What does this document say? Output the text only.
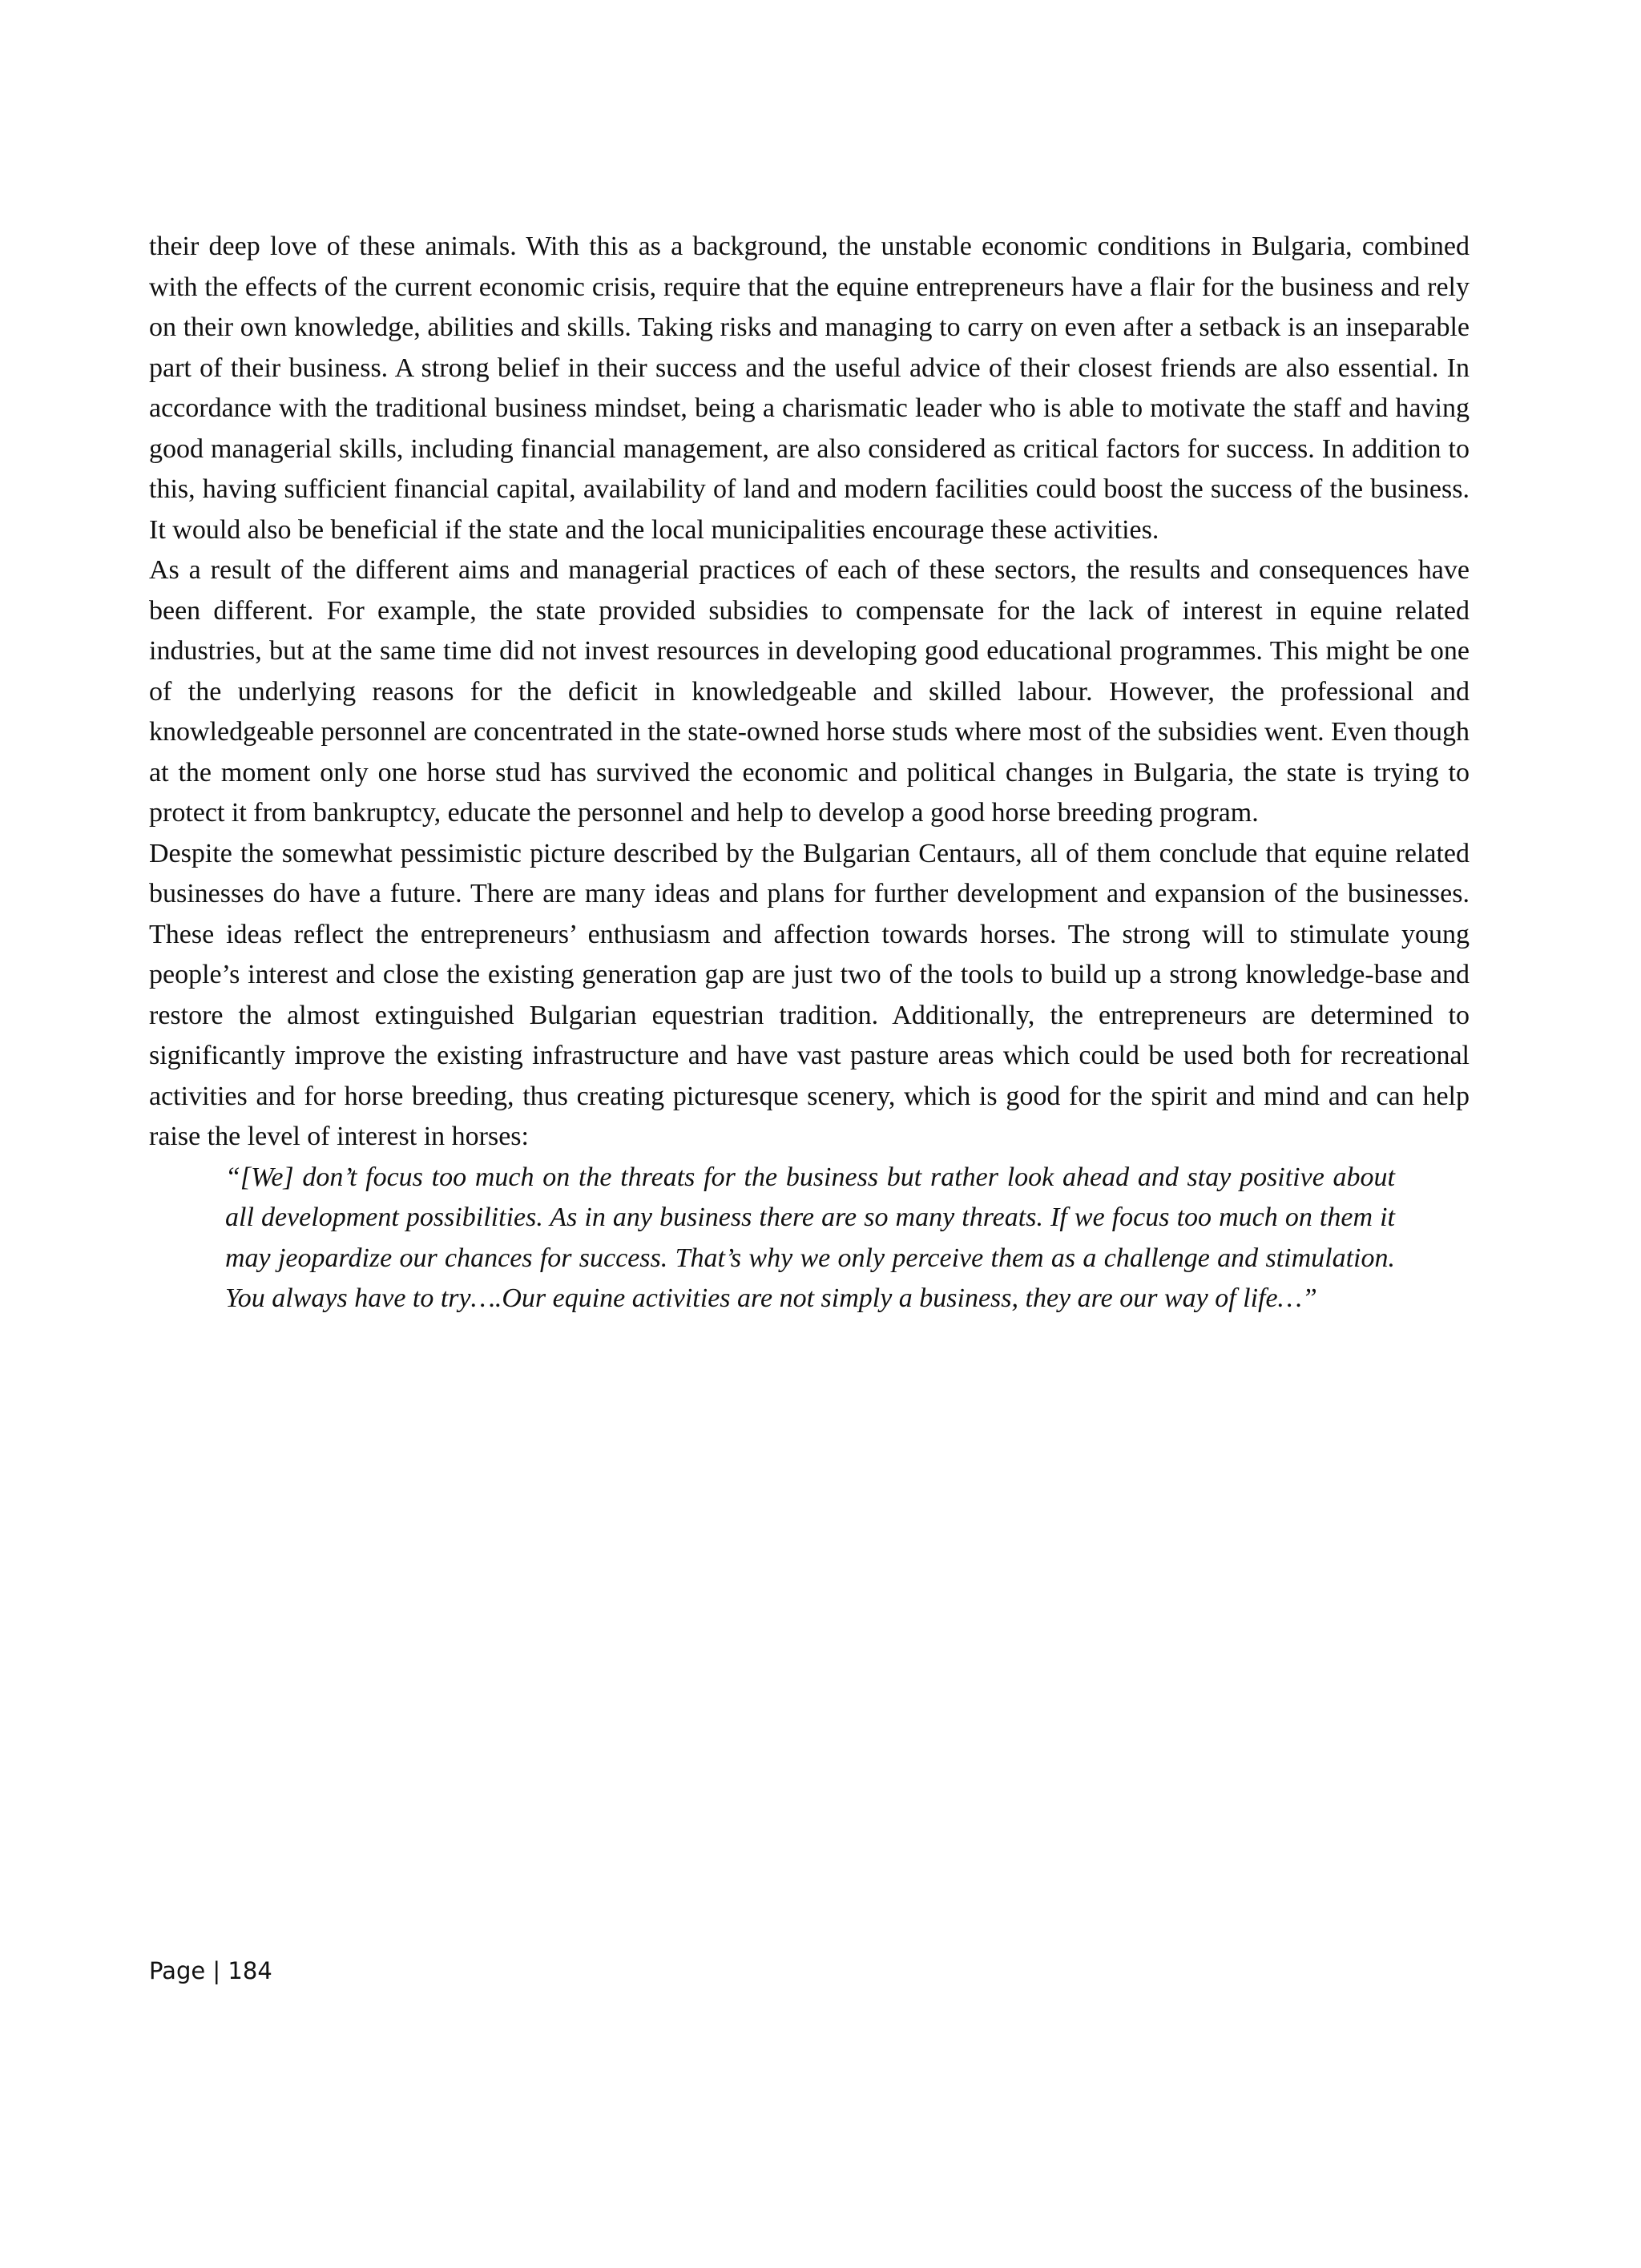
their deep love of these animals. With this as a background, the unstable economic conditions in Bulgaria, combined with the effects of the current economic crisis, require that the equine entrepreneurs have a flair for the business and rely on their own knowledge, abilities and skills. Taking risks and managing to carry on even after a setback is an inseparable part of their business. A strong belief in their success and the useful advice of their closest friends are also essential. In accordance with the traditional business mindset, being a charismatic leader who is able to motivate the staff and having good managerial skills, including financial management, are also considered as critical factors for success. In addition to this, having sufficient financial capital, availability of land and modern facilities could boost the success of the business. It would also be beneficial if the state and the local municipalities encourage these activities.

As a result of the different aims and managerial practices of each of these sectors, the results and consequences have been different. For example, the state provided subsidies to compensate for the lack of interest in equine related industries, but at the same time did not invest resources in developing good educational programmes. This might be one of the underlying reasons for the deficit in knowledgeable and skilled labour. However, the professional and knowledgeable personnel are concentrated in the state-owned horse studs where most of the subsidies went. Even though at the moment only one horse stud has survived the economic and political changes in Bulgaria, the state is trying to protect it from bankruptcy, educate the personnel and help to develop a good horse breeding program.

Despite the somewhat pessimistic picture described by the Bulgarian Centaurs, all of them conclude that equine related businesses do have a future. There are many ideas and plans for further development and expansion of the businesses. These ideas reflect the entrepreneurs’ enthusiasm and affection towards horses. The strong will to stimulate young people’s interest and close the existing generation gap are just two of the tools to build up a strong knowledge-base and restore the almost extinguished Bulgarian equestrian tradition. Additionally, the entrepreneurs are determined to significantly improve the existing infrastructure and have vast pasture areas which could be used both for recreational activities and for horse breeding, thus creating picturesque scenery, which is good for the spirit and mind and can help raise the level of interest in horses:

“[We] don’t focus too much on the threats for the business but rather look ahead and stay positive about all development possibilities. As in any business there are so many threats. If we focus too much on them it may jeopardize our chances for success. That’s why we only perceive them as a challenge and stimulation. You always have to try….Our equine activities are not simply a business, they are our way of life…”

Page | 184
